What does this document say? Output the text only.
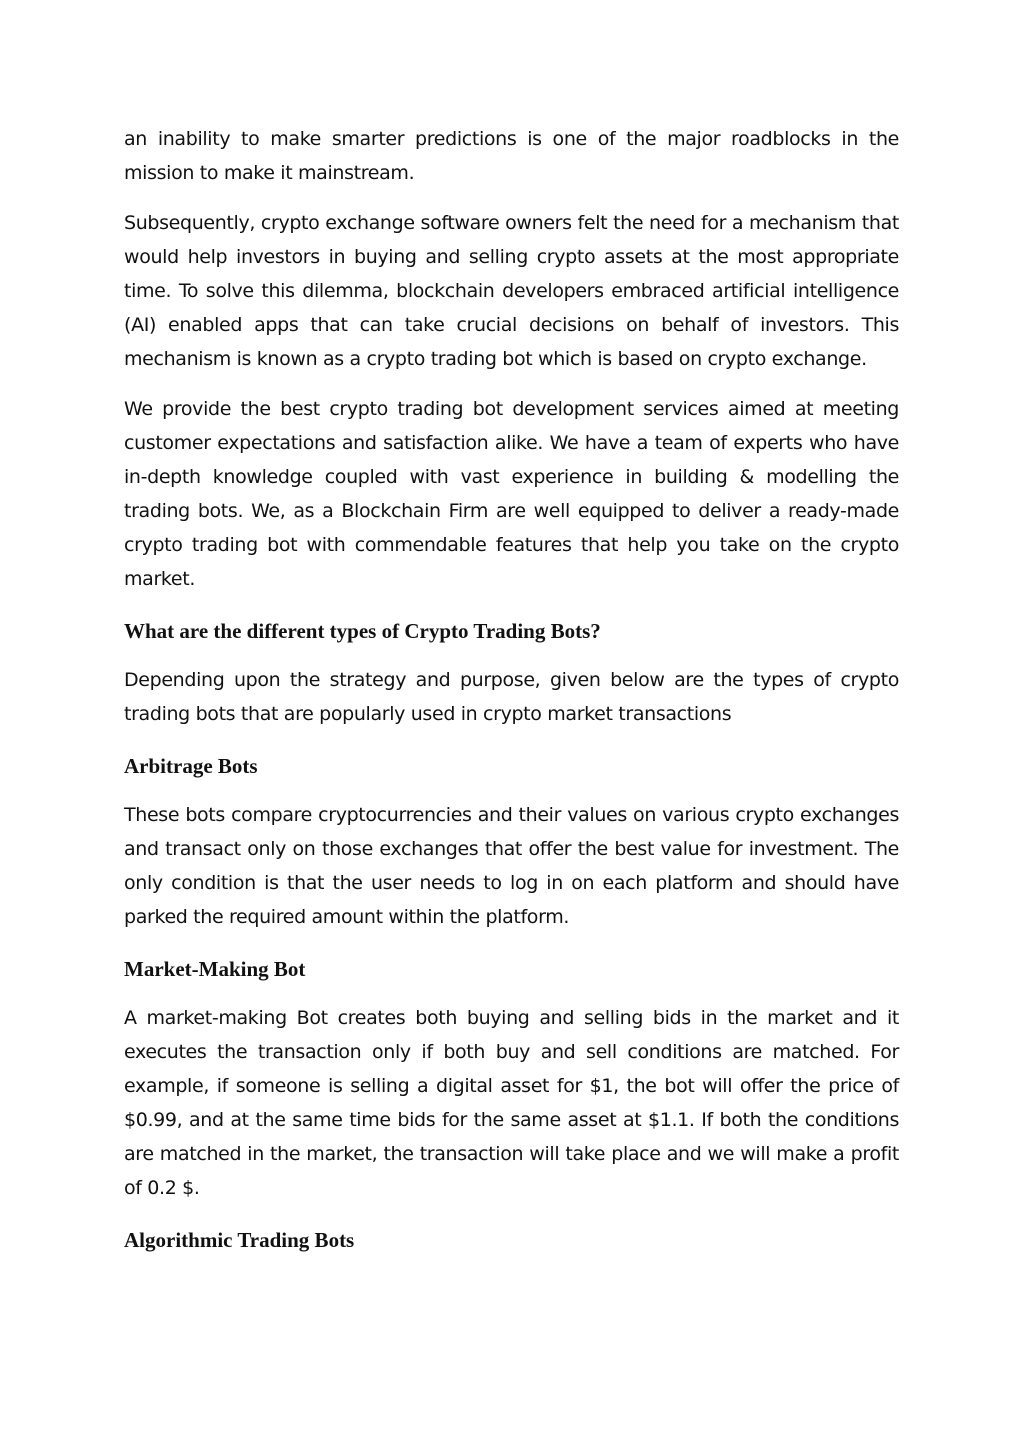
an inability to make smarter predictions is one of the major roadblocks in the mission to make it mainstream.

Subsequently, crypto exchange software owners felt the need for a mechanism that would help investors in buying and selling crypto assets at the most appropriate time. To solve this dilemma, blockchain developers embraced artificial intelligence (AI) enabled apps that can take crucial decisions on behalf of investors. This mechanism is known as a crypto trading bot which is based on crypto exchange.

We provide the best crypto trading bot development services aimed at meeting customer expectations and satisfaction alike. We have a team of experts who have in-depth knowledge coupled with vast experience in building & modelling the trading bots. We, as a Blockchain Firm are well equipped to deliver a ready-made crypto trading bot with commendable features that help you take on the crypto market.

What are the different types of Crypto Trading Bots?

Depending upon the strategy and purpose, given below are the types of crypto trading bots that are popularly used in crypto market transactions

Arbitrage Bots

These bots compare cryptocurrencies and their values on various crypto exchanges and transact only on those exchanges that offer the best value for investment. The only condition is that the user needs to log in on each platform and should have parked the required amount within the platform.

Market-Making Bot

A market-making Bot creates both buying and selling bids in the market and it executes the transaction only if both buy and sell conditions are matched. For example, if someone is selling a digital asset for $1, the bot will offer the price of $0.99, and at the same time bids for the same asset at $1.1. If both the conditions are matched in the market, the transaction will take place and we will make a profit of 0.2 $.

Algorithmic Trading Bots
